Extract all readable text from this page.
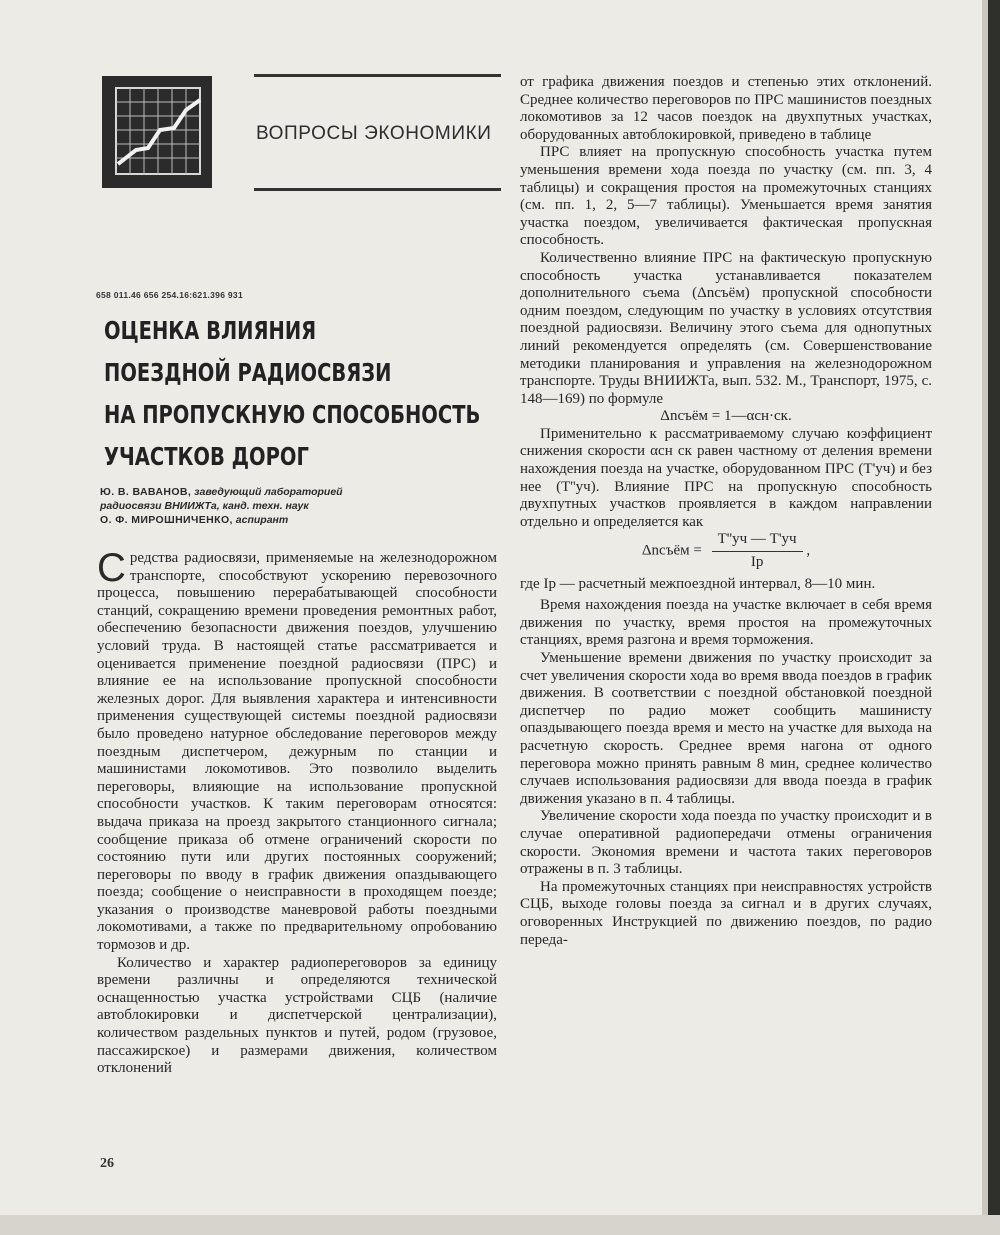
ВОПРОСЫ ЭКОНОМИКИ
658 011.46 656 254.16:621.396 931
ОЦЕНКА ВЛИЯНИЯ
ПОЕЗДНОЙ РАДИОСВЯЗИ
НА ПРОПУСКНУЮ СПОСОБНОСТЬ
УЧАСТКОВ ДОРОГ
Ю. В. ВАВАНОВ, заведующий лабораторией
радиосвязи ВНИИЖТа, канд. техн. наук
О. Ф. МИРОШНИЧЕНКО, аспирант

Средства радиосвязи, применяемые на железнодорожном транспорте, способствуют ускорению перевозочного процесса, повышению перерабатывающей способности станций, сокращению времени проведения ремонтных работ, обеспечению безопасности движения поездов, улучшению условий труда. В настоящей статье рассматривается и оценивается применение поездной радиосвязи (ПРС) и влияние ее на использование пропускной способности железных дорог. Для выявления характера и интенсивности применения существующей системы поездной радиосвязи было проведено натурное обследование переговоров между поездным диспетчером, дежурным по станции и машинистами локомотивов. Это позволило выделить переговоры, влияющие на использование пропускной способности участков. К таким переговорам относятся: выдача приказа на проезд закрытого станционного сигнала; сообщение приказа об отмене ограничений скорости по состоянию пути или других постоянных сооружений; переговоры по вводу в график движения опаздывающего поезда; сообщение о неисправности в проходящем поезде; указания о производстве маневровой работы поездными локомотивами, а также по предварительному опробованию тормозов и др.

Количество и характер радиопереговоров за единицу времени различны и определяются технической оснащенностью участка устройствами СЦБ (наличие автоблокировки и диспетчерской централизации), количеством раздельных пунктов и путей, родом (грузовое, пассажирское) и размерами движения, количеством отклонений

от графика движения поездов и степенью этих отклонений. Среднее количество переговоров по ПРС машинистов поездных локомотивов за 12 часов поездок на двухпутных участках, оборудованных автоблокировкой, приведено в таблице

ПРС влияет на пропускную способность участка путем уменьшения времени хода поезда по участку (см. пп. 3, 4 таблицы) и сокращения простоя на промежуточных станциях (см. пп. 1, 2, 5—7 таблицы). Уменьшается время занятия участка поездом, увеличивается фактическая пропускная способность.

Количественно влияние ПРС на фактическую пропускную способность участка устанавливается показателем дополнительного съема (Δnсъём) пропускной способности одним поездом, следующим по участку в условиях отсутствия поездной радиосвязи. Величину этого съема для однопутных линий рекомендуется определять (см. Совершенствование методики планирования и управления на железнодорожном транспорте. Труды ВНИИЖТа, вып. 532. М., Транспорт, 1975, с. 148—169) по формуле

Δnсъём = 1—αсн·ск.

Применительно к рассматриваемому случаю коэффициент снижения скорости αсн ск равен частному от деления времени нахождения поезда на участке, оборудованном ПРС (T'уч) и без нее (T''уч). Влияние ПРС на пропускную способность двухпутных участков проявляется в каждом направлении отдельно и определяется как

Δnсъём = $\frac{T''уч — T'уч}{Iр}$ ,

где Iр — расчетный межпоездной интервал, 8—10 мин.

Время нахождения поезда на участке включает в себя время движения по участку, время простоя на промежуточных станциях, время разгона и время торможения.

Уменьшение времени движения по участку происходит за счет увеличения скорости хода во время ввода поездов в график движения. В соответствии с поездной обстановкой поездной диспетчер по радио может сообщить машинисту опаздывающего поезда время и место на участке для выхода на расчетную скорость. Среднее время нагона от одного переговора можно принять равным 8 мин, среднее количество случаев использования радиосвязи для ввода поезда в график движения указано в п. 4 таблицы.

Увеличение скорости хода поезда по участку происходит и в случае оперативной радиопередачи отмены ограничения скорости. Экономия времени и частота таких переговоров отражены в п. 3 таблицы.

На промежуточных станциях при неисправностях устройств СЦБ, выходе головы поезда за сигнал и в других случаях, оговоренных Инструкцией по движению поездов, по радио переда-

26
